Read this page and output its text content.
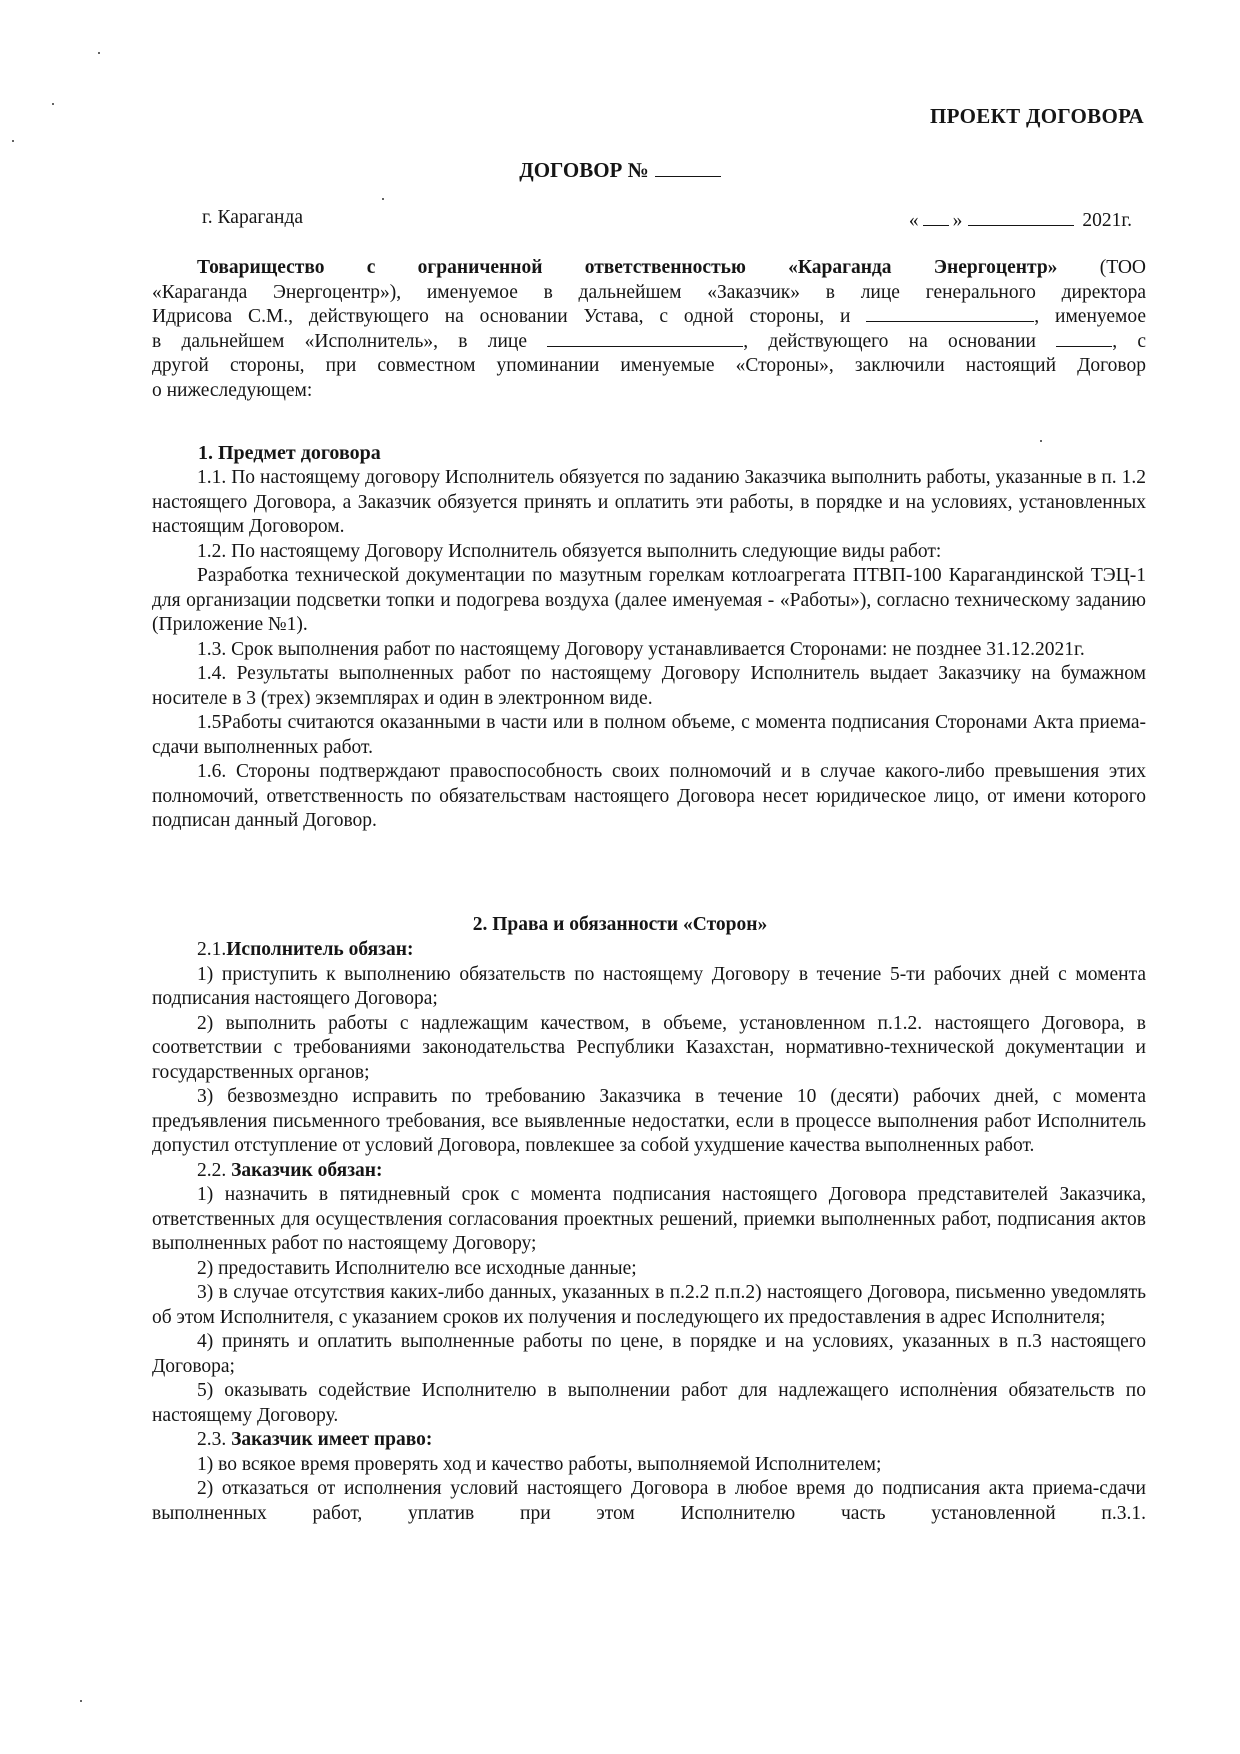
ПРОЕКТ ДОГОВОРА
ДОГОВОР №
г. Караганда	« »	2021г.

Товарищество с ограниченной ответственностью «Караганда Энергоцентр» (ТОО

«Караганда Энергоцентр»), именуемое в дальнейшем «Заказчик» в лице генерального директора

Идрисова С.М., действующего на основании Устава, с одной стороны, и	, именуемое

в дальнейшем «Исполнитель», в лице	, действующего на основании	, с

другой стороны, при совместном упоминании именуемые «Стороны», заключили настоящий Договор

о нижеследующем:

1. Предмет договора

1.1. По настоящему договору Исполнитель обязуется по заданию Заказчика выполнить работы, указанные в п. 1.2 настоящего Договора, а Заказчик обязуется принять и оплатить эти работы, в порядке и на условиях, установленных настоящим Договором.

1.2. По настоящему Договору Исполнитель обязуется выполнить следующие виды работ:

Разработка технической документации по мазутным горелкам котлоагрегата ПТВП-100 Карагандинской ТЭЦ-1 для организации подсветки топки и подогрева воздуха (далее именуемая - «Работы»), согласно техническому заданию (Приложение №1).

1.3. Срок выполнения работ по настоящему Договору устанавливается Сторонами: не позднее 31.12.2021г.

1.4. Результаты выполненных работ по настоящему Договору Исполнитель выдает Заказчику на бумажном носителе в 3 (трех) экземплярах и один в электронном виде.

1.5Работы считаются оказанными в части или в полном объеме, с момента подписания Сторонами Акта приема-сдачи выполненных работ.

1.6. Стороны подтверждают правоспособность своих полномочий и в случае какого-либо превышения этих полномочий, ответственность по обязательствам настоящего Договора несет юридическое лицо, от имени которого подписан данный Договор.

2. Права и обязанности «Сторон»

2.1.Исполнитель обязан:

1) приступить к выполнению обязательств по настоящему Договору в течение 5-ти рабочих дней с момента подписания настоящего Договора;

2) выполнить работы с надлежащим качеством, в объеме, установленном п.1.2. настоящего Договора, в соответствии с требованиями законодательства Республики Казахстан, нормативно-технической документации и государственных органов;

3) безвозмездно исправить по требованию Заказчика в течение 10 (десяти) рабочих дней, с момента предъявления письменного требования, все выявленные недостатки, если в процессе выполнения работ Исполнитель допустил отступление от условий Договора, повлекшее за собой ухудшение качества выполненных работ.

2.2. Заказчик обязан:

1) назначить в пятидневный срок с момента подписания настоящего Договора представителей Заказчика, ответственных для осуществления согласования проектных решений, приемки выполненных работ, подписания актов выполненных работ по настоящему Договору;

2) предоставить Исполнителю все исходные данные;

3) в случае отсутствия каких-либо данных, указанных в п.2.2 п.п.2) настоящего Договора, письменно уведомлять об этом Исполнителя, с указанием сроков их получения и последующего их предоставления в адрес Исполнителя;

4) принять и оплатить выполненные работы по цене, в порядке и на условиях, указанных в п.3 настоящего Договора;

5) оказывать содействие Исполнителю в выполнении работ для надлежащего исполнения обязательств по настоящему Договору.

2.3. Заказчик имеет право:

1) во всякое время проверять ход и качество работы, выполняемой Исполнителем;

2) отказаться от исполнения условий настоящего Договора в любое время до подписания акта приема-сдачи выполненных работ, уплатив при этом Исполнителю часть установленной п.3.1.
